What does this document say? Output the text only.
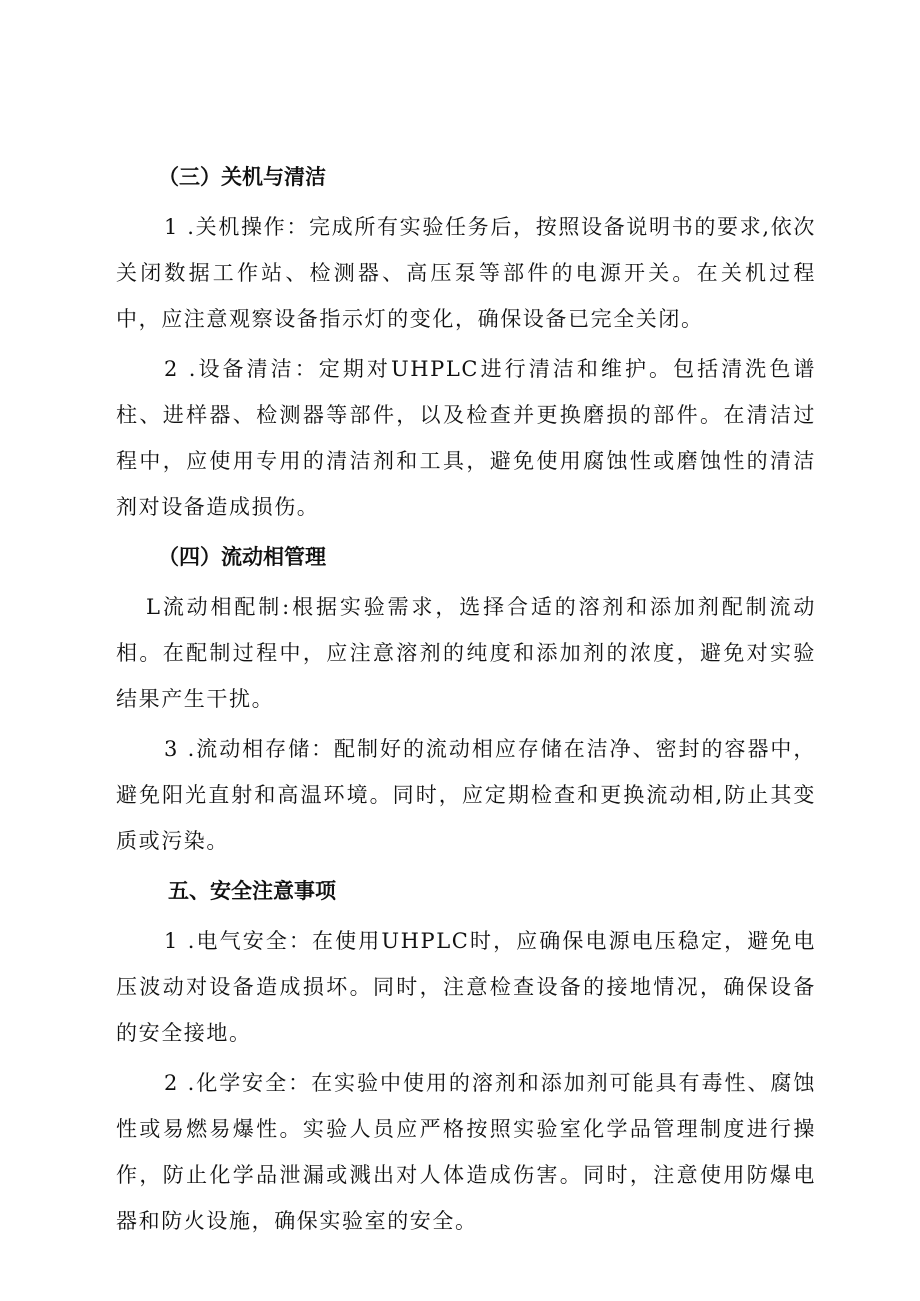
（三）关机与清洁
1 .关机操作：完成所有实验任务后，按照设备说明书的要求,依次关闭数据工作站、检测器、高压泵等部件的电源开关。在关机过程中，应注意观察设备指示灯的变化，确保设备已完全关闭。
2 .设备清洁：定期对UHPLC进行清洁和维护。包括清洗色谱柱、进样器、检测器等部件，以及检查并更换磨损的部件。在清洁过程中，应使用专用的清洁剂和工具，避免使用腐蚀性或磨蚀性的清洁剂对设备造成损伤。
（四）流动相管理
L流动相配制:根据实验需求，选择合适的溶剂和添加剂配制流动相。在配制过程中，应注意溶剂的纯度和添加剂的浓度，避免对实验结果产生干扰。
3 .流动相存储：配制好的流动相应存储在洁净、密封的容器中，避免阳光直射和高温环境。同时，应定期检查和更换流动相,防止其变质或污染。
五、安全注意事项
1 .电气安全：在使用UHPLC时，应确保电源电压稳定，避免电压波动对设备造成损坏。同时，注意检查设备的接地情况，确保设备的安全接地。
2 .化学安全：在实验中使用的溶剂和添加剂可能具有毒性、腐蚀性或易燃易爆性。实验人员应严格按照实验室化学品管理制度进行操作，防止化学品泄漏或溅出对人体造成伤害。同时，注意使用防爆电器和防火设施，确保实验室的安全。
